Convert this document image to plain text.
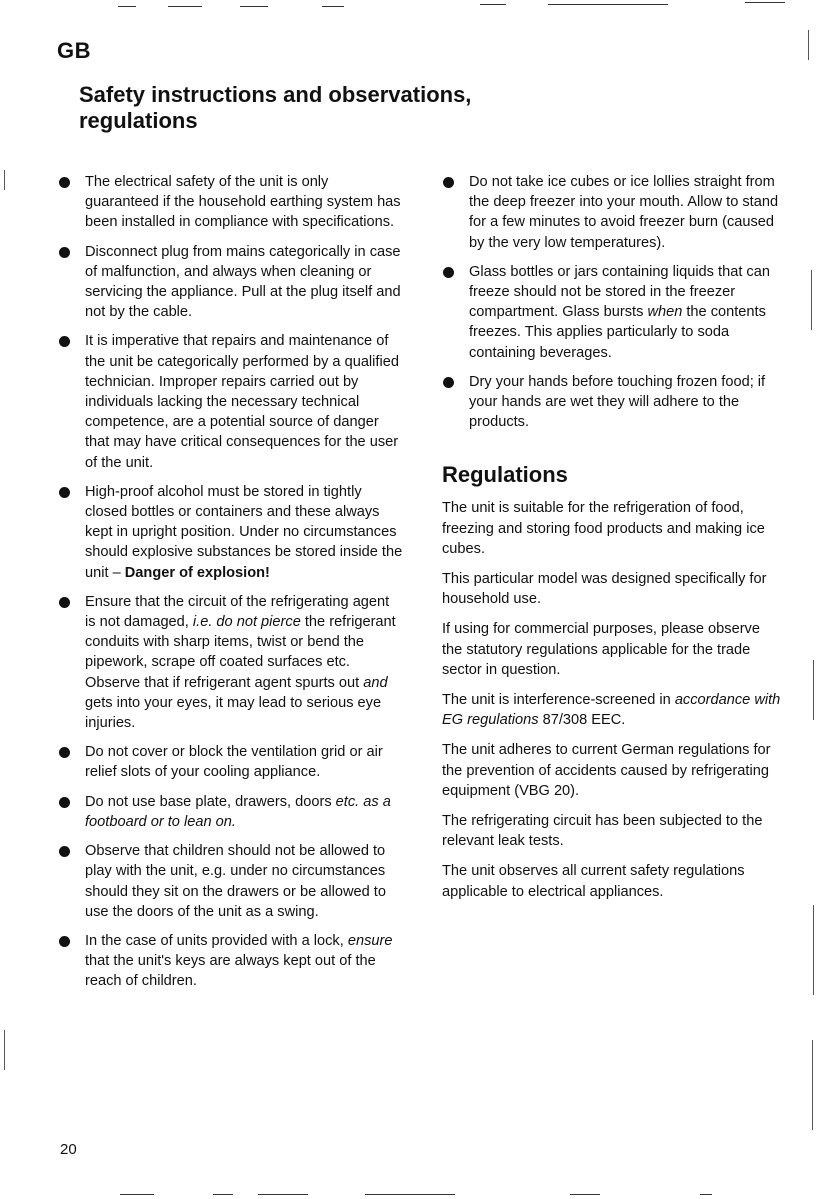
GB
Safety instructions and observations, regulations
The electrical safety of the unit is only guaranteed if the household earthing system has been installed in compliance with specifications.
Disconnect plug from mains categorically in case of malfunction, and always when cleaning or servicing the appliance. Pull at the plug itself and not by the cable.
It is imperative that repairs and maintenance of the unit be categorically performed by a qualified technician. Improper repairs carried out by individuals lacking the necessary technical competence, are a potential source of danger that may have critical consequences for the user of the unit.
High-proof alcohol must be stored in tightly closed bottles or containers and these always kept in upright position. Under no circumstances should explosive substances be stored inside the unit – Danger of explosion!
Ensure that the circuit of the refrigerating agent is not damaged, i.e. do not pierce the refrigerant conduits with sharp items, twist or bend the pipework, scrape off coated surfaces etc. Observe that if refrigerant agent spurts out and gets into your eyes, it may lead to serious eye injuries.
Do not cover or block the ventilation grid or air relief slots of your cooling appliance.
Do not use base plate, drawers, doors etc. as a footboard or to lean on.
Observe that children should not be allowed to play with the unit, e.g. under no circumstances should they sit on the drawers or be allowed to use the doors of the unit as a swing.
In the case of units provided with a lock, ensure that the unit's keys are always kept out of the reach of children.
Do not take ice cubes or ice lollies straight from the deep freezer into your mouth. Allow to stand for a few minutes to avoid freezer burn (caused by the very low temperatures).
Glass bottles or jars containing liquids that can freeze should not be stored in the freezer compartment. Glass bursts when the contents freezes. This applies particularly to soda containing beverages.
Dry your hands before touching frozen food; if your hands are wet they will adhere to the products.
Regulations

The unit is suitable for the refrigeration of food, freezing and storing food products and making ice cubes.

This particular model was designed specifically for household use.

If using for commercial purposes, please observe the statutory regulations applicable for the trade sector in question.

The unit is interference-screened in accordance with EG regulations 87/308 EEC.

The unit adheres to current German regulations for the prevention of accidents caused by refrigerating equipment (VBG 20).

The refrigerating circuit has been subjected to the relevant leak tests.

The unit observes all current safety regulations applicable to electrical appliances.

20
